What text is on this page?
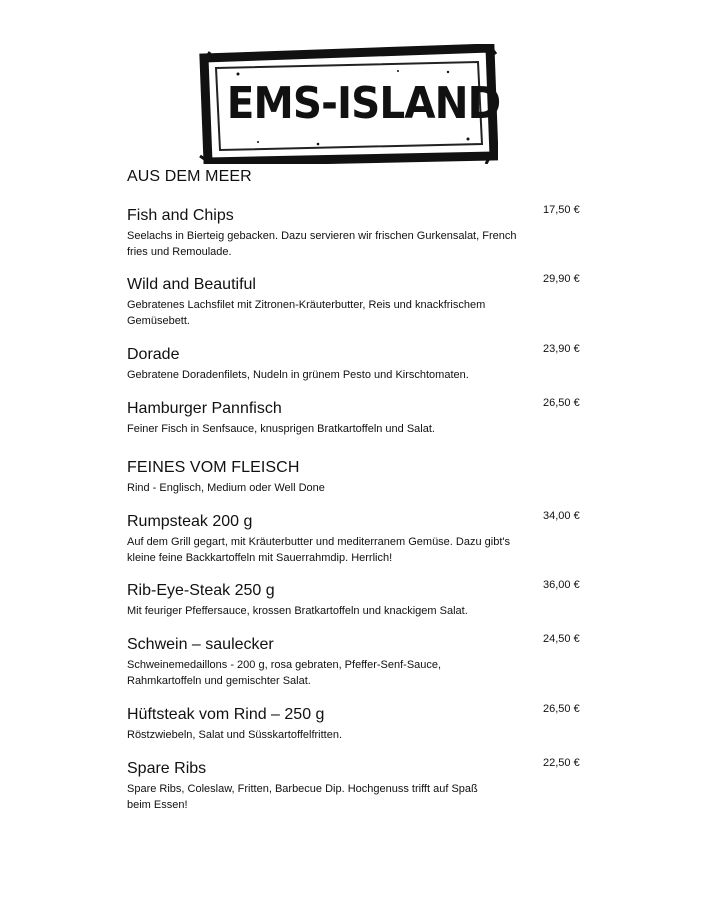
EMS-ISLAND
AUS DEM MEER
Fish and Chips
Seelachs in Bierteig gebacken. Dazu servieren wir frischen Gurkensalat, French fries und Remoulade.
17,50 €
Wild and Beautiful
Gebratenes Lachsfilet mit Zitronen-Kräuterbutter, Reis und knackfrischem Gemüsebett.
29,90 €
Dorade
Gebratene Doradenfilets, Nudeln in grünem Pesto und Kirschtomaten.
23,90 €
Hamburger Pannfisch
Feiner Fisch in Senfsauce, knusprigen Bratkartoffeln und Salat.
26,50 €
FEINES VOM FLEISCH
Rind - Englisch, Medium oder Well Done
Rumpsteak 200 g
Auf dem Grill gegart, mit Kräuterbutter und mediterranem Gemüse. Dazu gibt's kleine feine Backkartoffeln mit Sauerrahmdip. Herrlich!
34,00 €
Rib-Eye-Steak 250 g
Mit feuriger Pfeffersauce, krossen Bratkartoffeln und knackigem Salat.
36,00 €
Schwein – saulecker
Schweinemedaillons - 200 g, rosa gebraten, Pfeffer-Senf-Sauce, Rahmkartoffeln und gemischter Salat.
24,50 €
Hüftsteak vom Rind – 250 g
Röstzwiebeln, Salat und Süsskartoffelfritten.
26,50 €
Spare Ribs
Spare Ribs, Coleslaw, Fritten, Barbecue Dip. Hochgenuss trifft auf Spaß beim Essen!
22,50 €
